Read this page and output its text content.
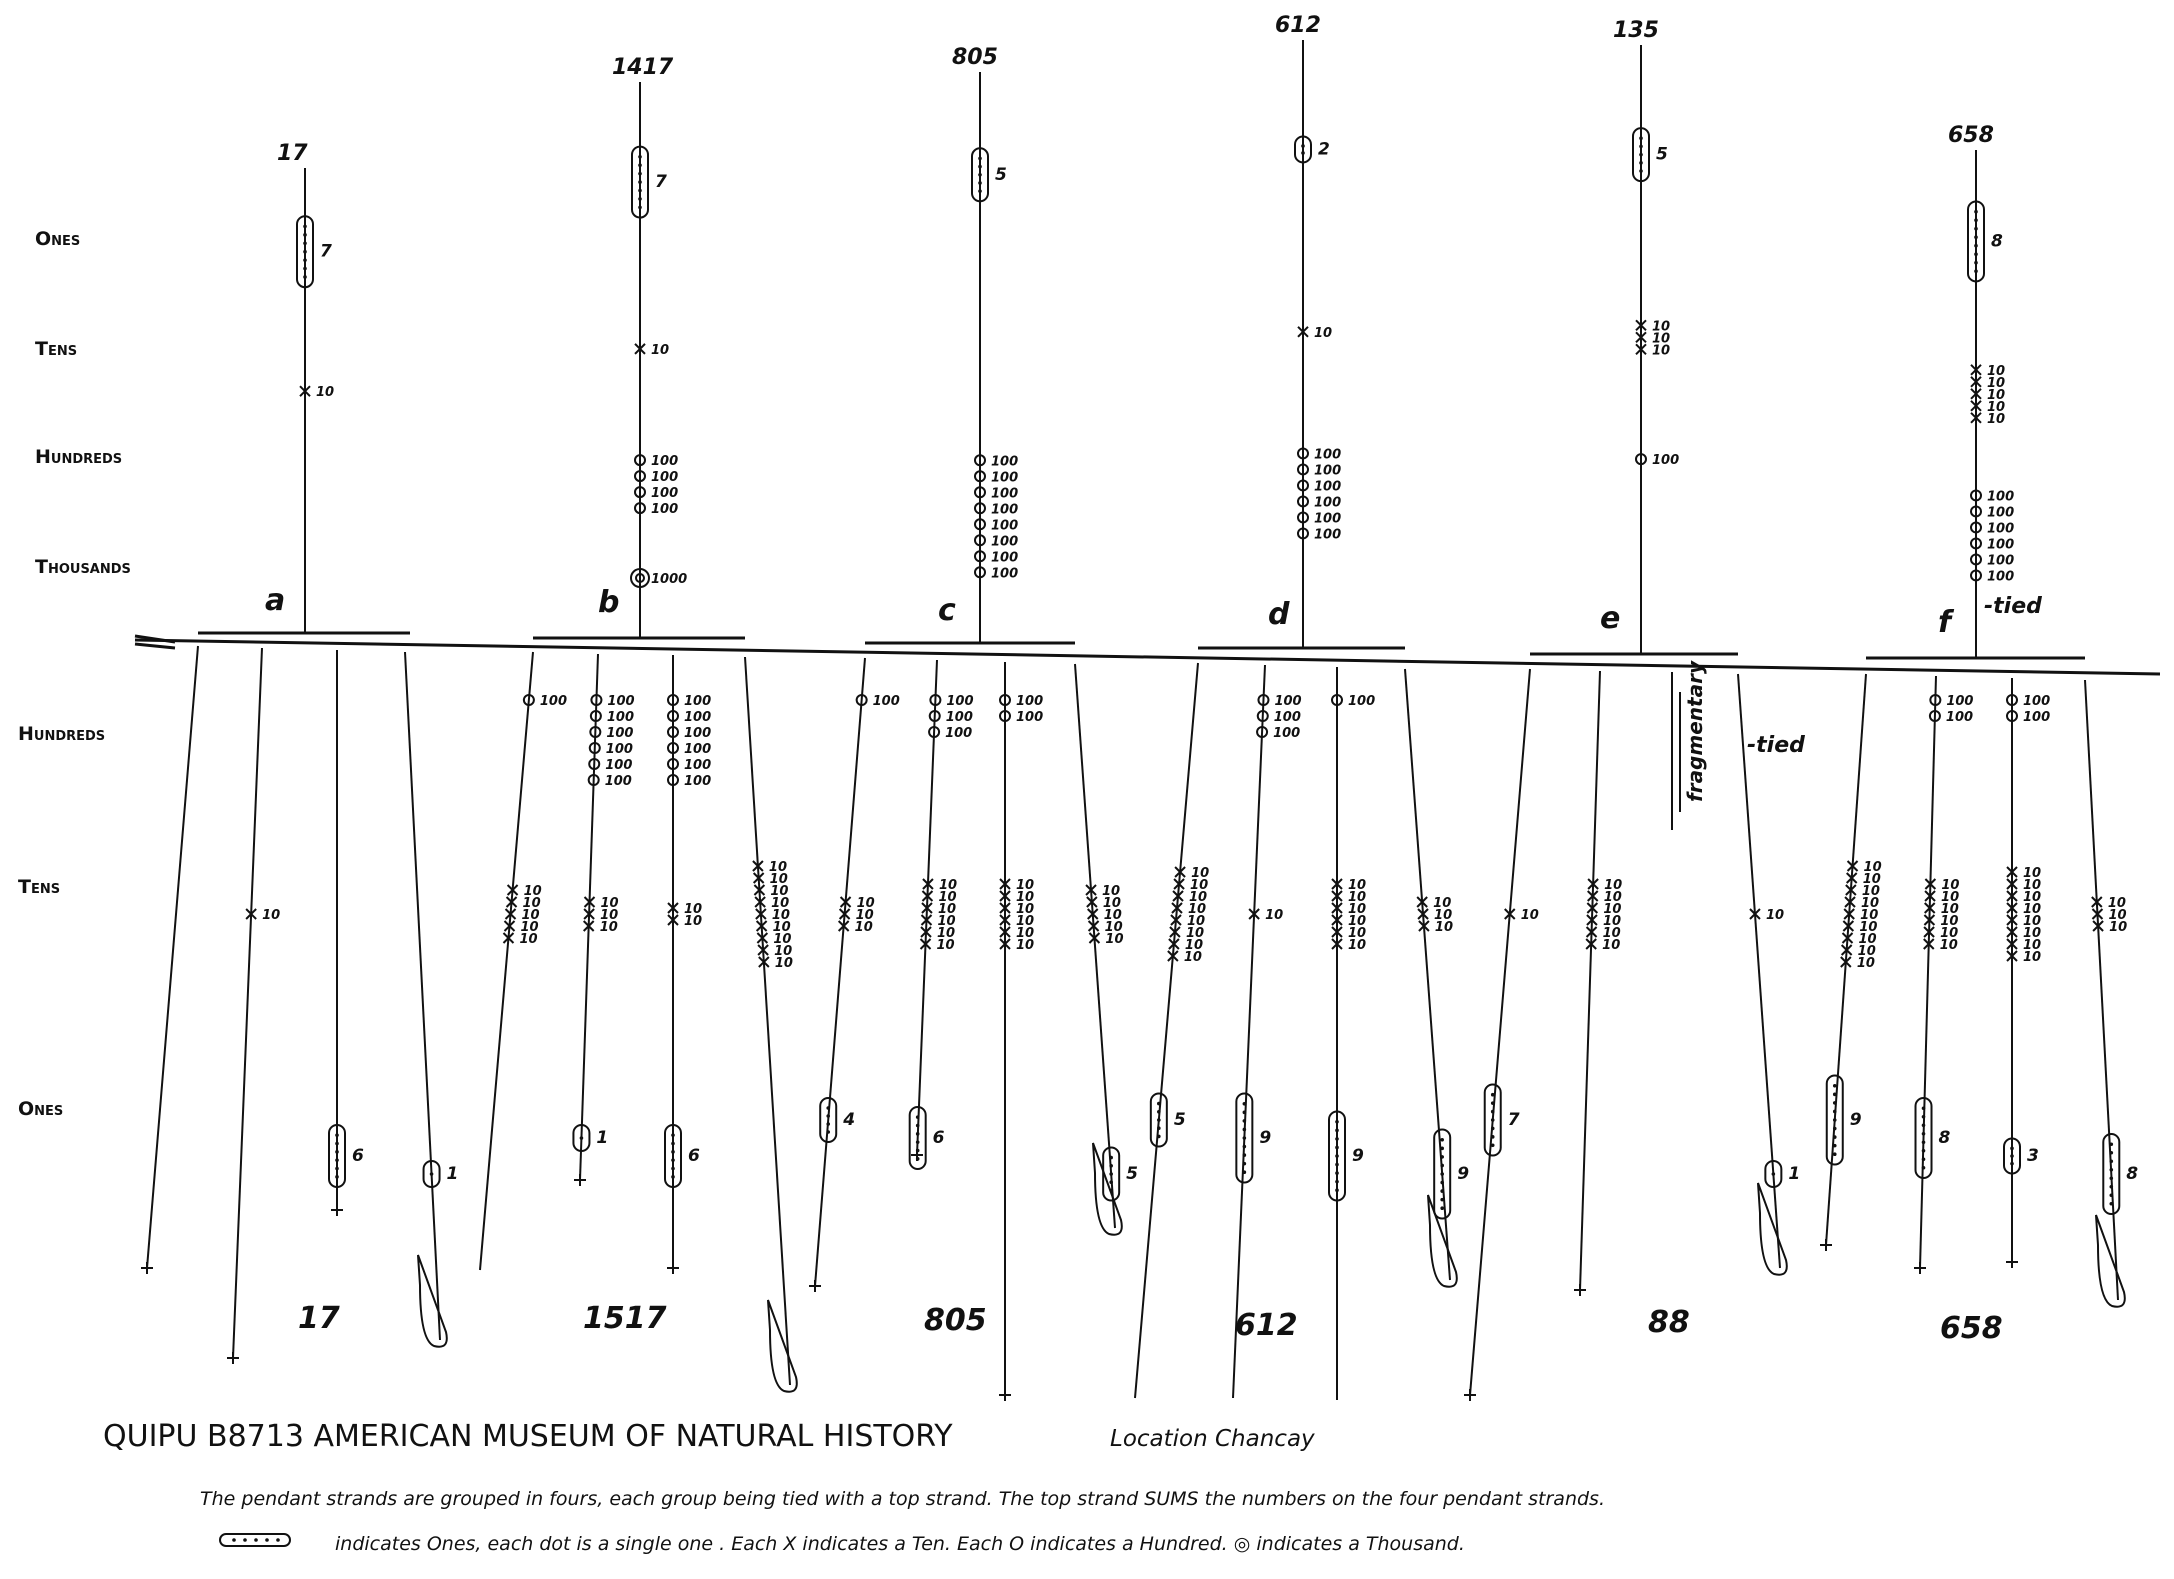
Ones
Tens
Hundreds
Thousands
Hundreds
Tens
Ones
a
17
7
10
10
6
1
17
b
1417
7
10
100
100
100
100
1000
100
10
10
10
10
10
100
100
100
100
100
100
10
10
10
1
100
100
100
100
100
100
10
10
6
10
10
10
10
10
10
10
10
10
1517
c
805
5
100
100
100
100
100
100
100
100
100
10
10
10
4
100
100
100
10
10
10
10
10
10
6
100
100
10
10
10
10
10
10
10
10
10
10
10
5
805
d
612
2
10
100
100
100
100
100
100
10
10
10
10
10
10
10
10
5
100
100
100
10
9
100
10
10
10
10
10
10
9
10
10
10
9
612
e
135
5
10
10
10
100
10
7
10
10
10
10
10
10
fragmentary
10
1
-tied
88
f
658
8
10
10
10
10
10
100
100
100
100
100
100
-tied
10
10
10
10
10
10
10
10
10
9
100
100
10
10
10
10
10
10
8
100
100
10
10
10
10
10
10
10
10
3
10
10
10
8
658
QUIPU B8713 AMERICAN MUSEUM OF NATURAL HISTORY	Location Chancay
The pendant strands are grouped in fours, each group being tied with a top strand. The top strand SUMS the numbers on the four pendant strands.
indicates Ones, each dot is a single one . Each X indicates a Ten. Each O indicates a Hundred. ◎ indicates a Thousand.
